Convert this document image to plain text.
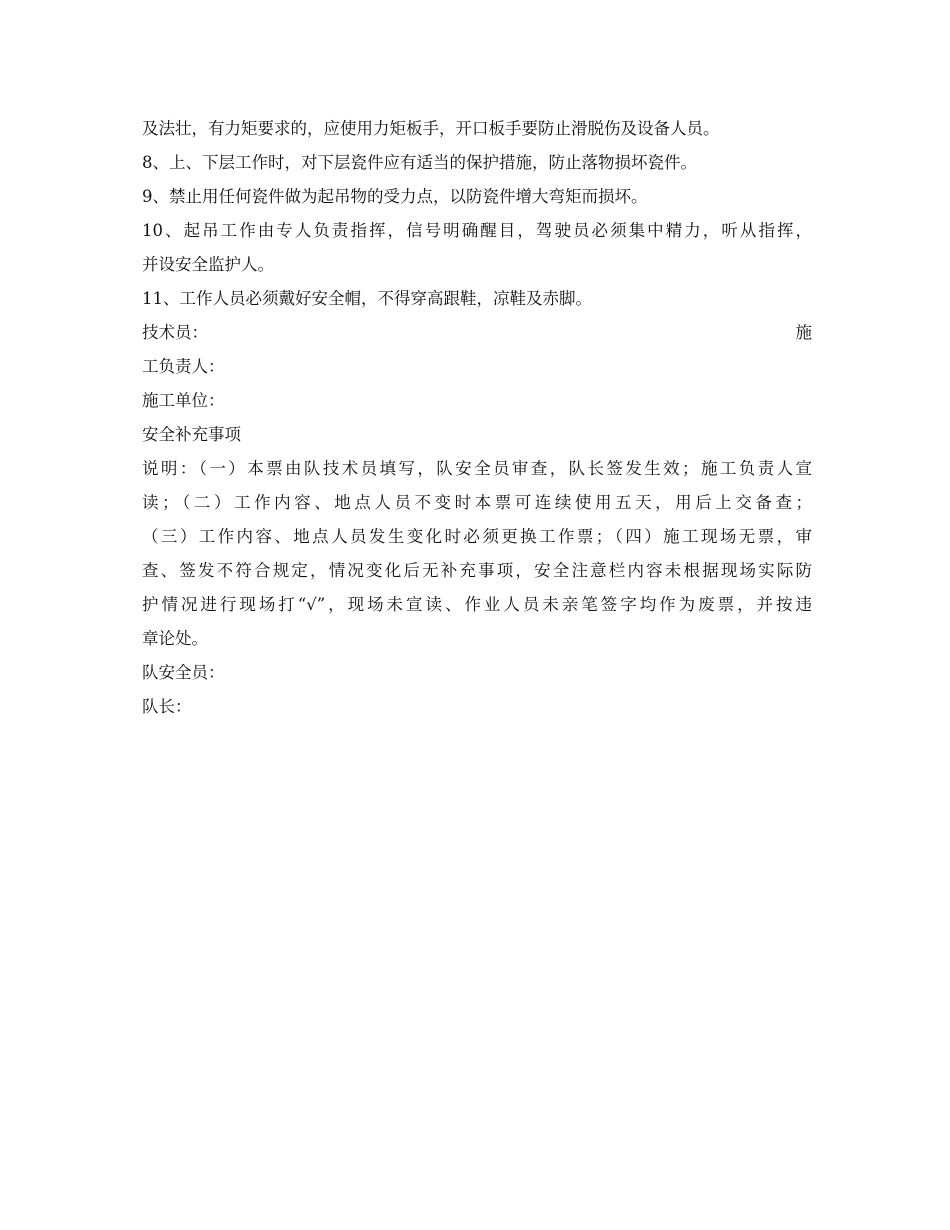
及法壮，有力矩要求的，应使用力矩板手，开口板手要防止滑脱伤及设备人员。
8、上、下层工作时，对下层瓷件应有适当的保护措施，防止落物损坏瓷件。
9、禁止用任何瓷件做为起吊物的受力点，以防瓷件增大弯矩而损坏。
10、起吊工作由专人负责指挥，信号明确醒目，驾驶员必须集中精力，听从指挥，
并设安全监护人。
11、工作人员必须戴好安全帽，不得穿高跟鞋，凉鞋及赤脚。
技术员：	施
工负责人：
施工单位：
安全补充事项
说明：（一）本票由队技术员填写，队安全员审查，队长签发生效；施工负责人宣
读；（二）工作内容、地点人员不变时本票可连续使用五天，用后上交备查；
（三）工作内容、地点人员发生变化时必须更换工作票；（四）施工现场无票，审
查、签发不符合规定，情况变化后无补充事项，安全注意栏内容未根据现场实际防
护情况进行现场打“√”，现场未宣读、作业人员未亲笔签字均作为废票，并按违
章论处。
队安全员：
队长：
